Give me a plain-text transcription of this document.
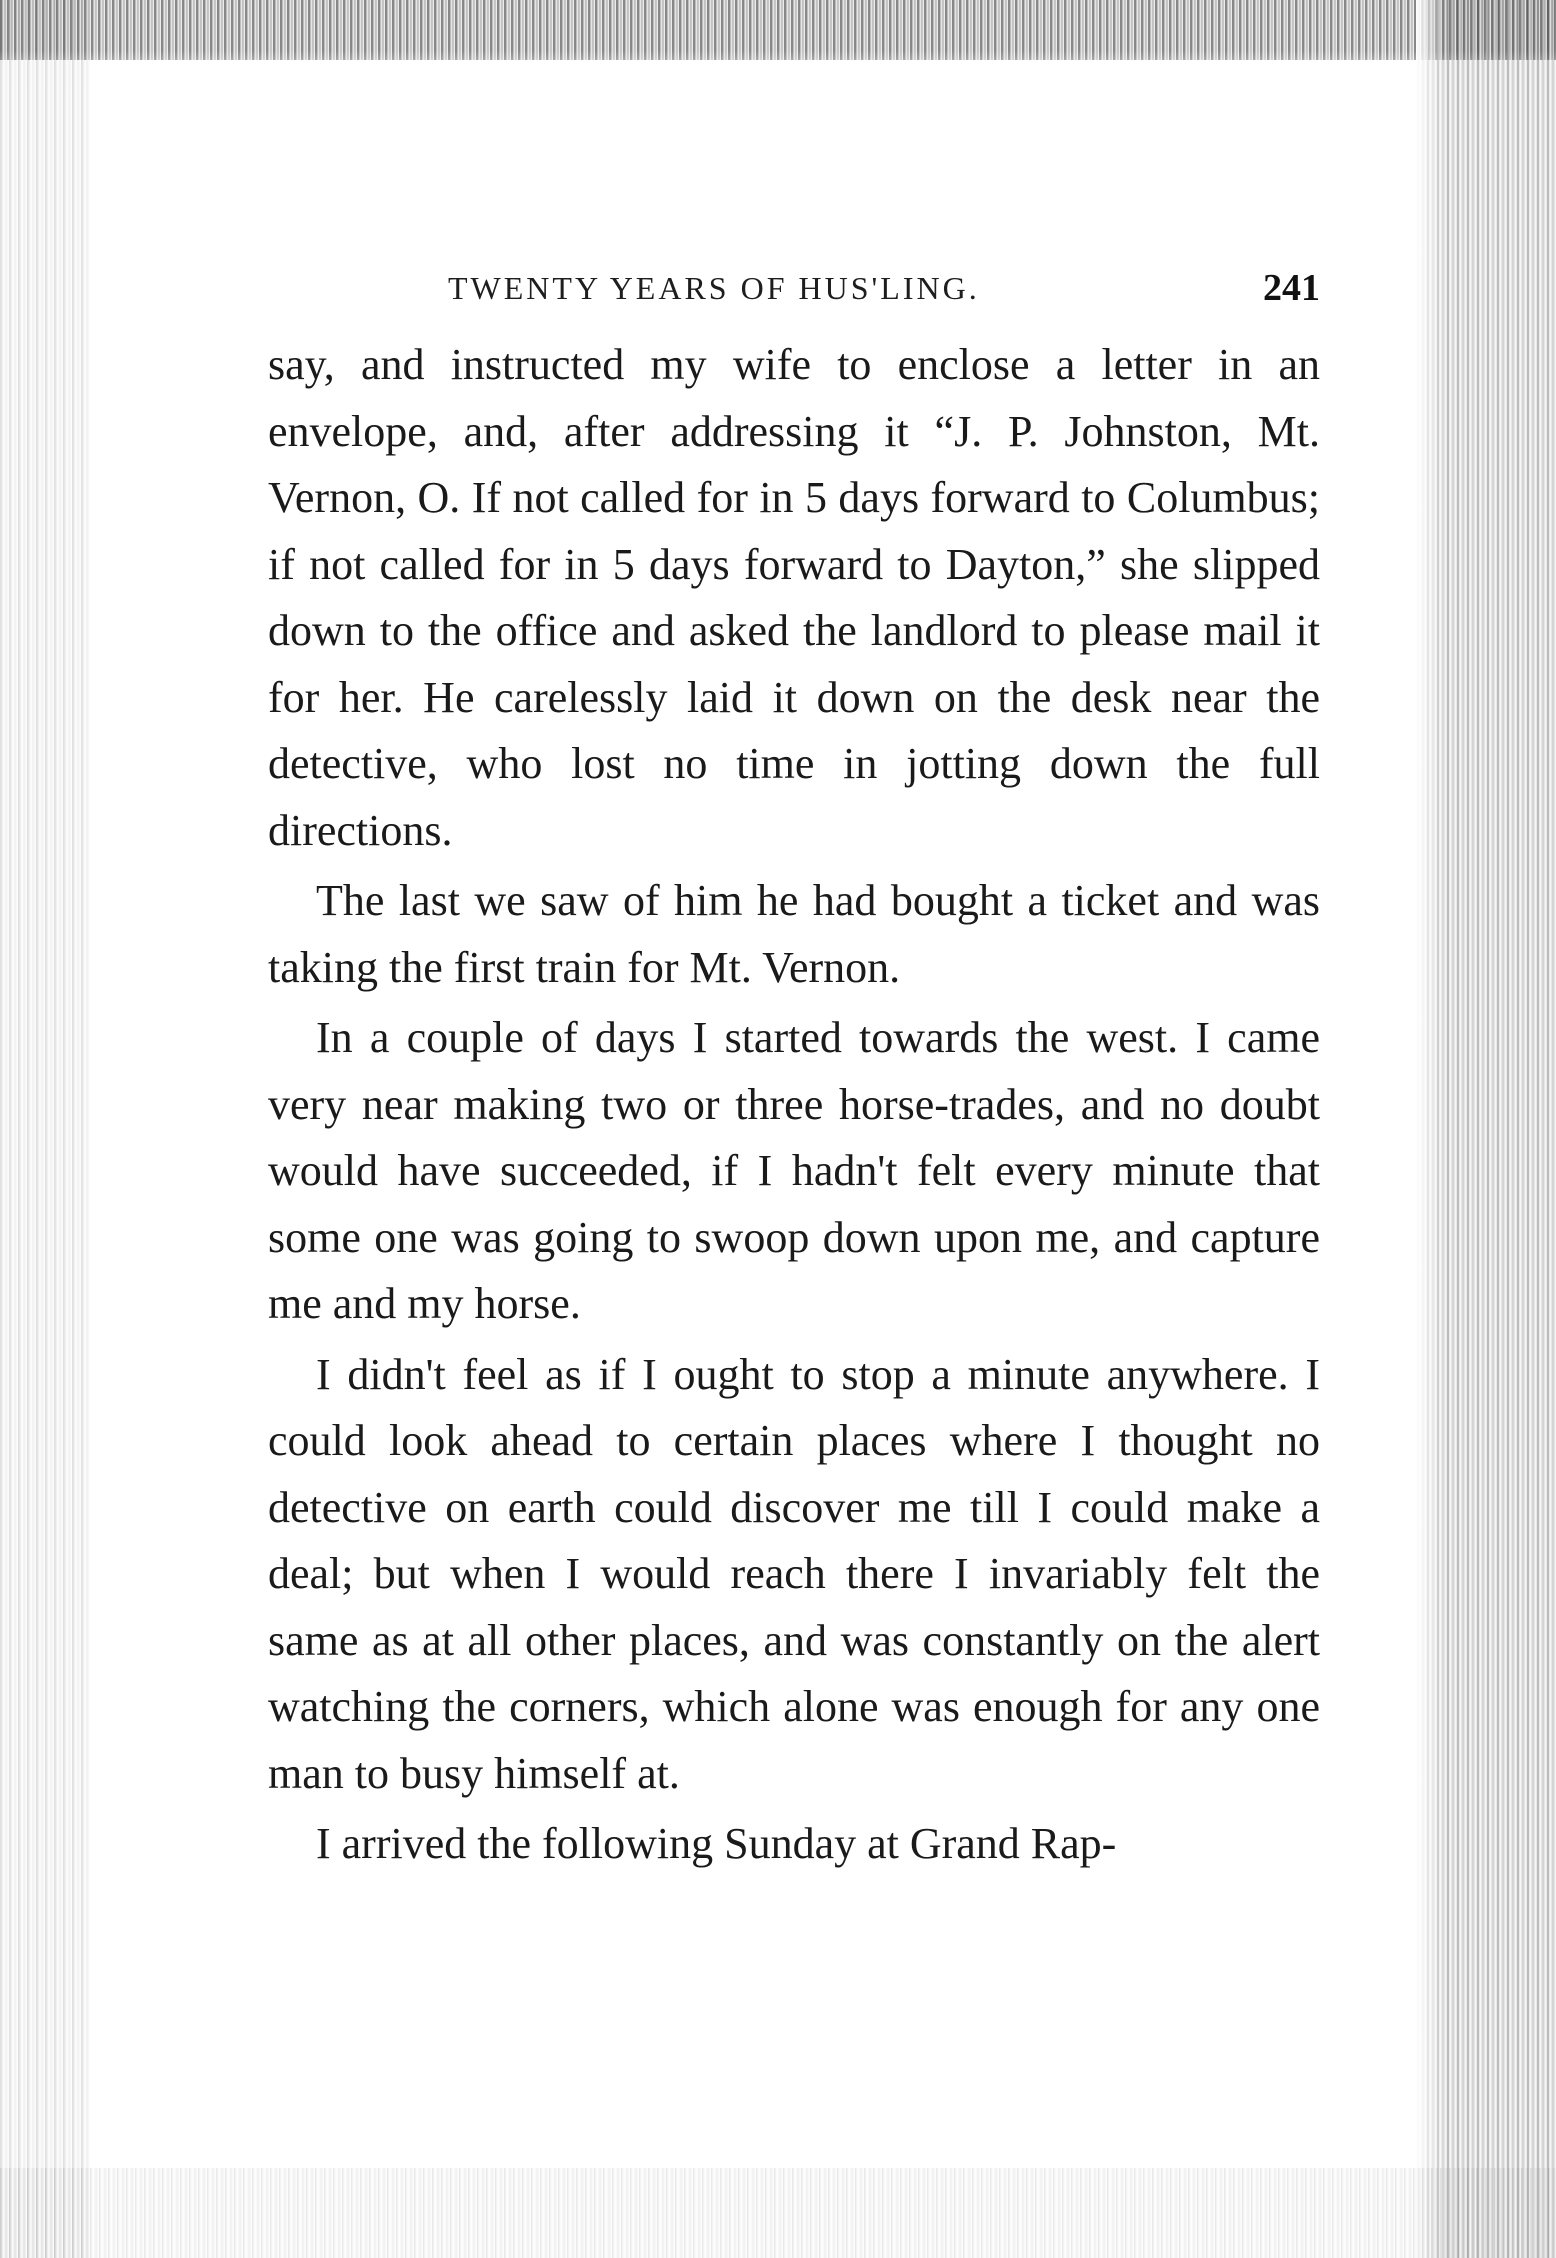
TWENTY YEARS OF HUS'LING.	241

say, and instructed my wife to enclose a letter in an envelope, and, after addressing it “J. P. Johnston, Mt. Vernon, O. If not called for in 5 days forward to Columbus; if not called for in 5 days forward to Dayton,” she slipped down to the office and asked the landlord to please mail it for her. He carelessly laid it down on the desk near the detective, who lost no time in jotting down the full directions.

The last we saw of him he had bought a ticket and was taking the first train for Mt. Vernon.

In a couple of days I started towards the west. I came very near making two or three horse-trades, and no doubt would have succeeded, if I hadn't felt every minute that some one was going to swoop down upon me, and capture me and my horse.

I didn't feel as if I ought to stop a minute anywhere. I could look ahead to certain places where I thought no detective on earth could discover me till I could make a deal; but when I would reach there I invariably felt the same as at all other places, and was constantly on the alert watching the corners, which alone was enough for any one man to busy himself at.

I arrived the following Sunday at Grand Rap-
